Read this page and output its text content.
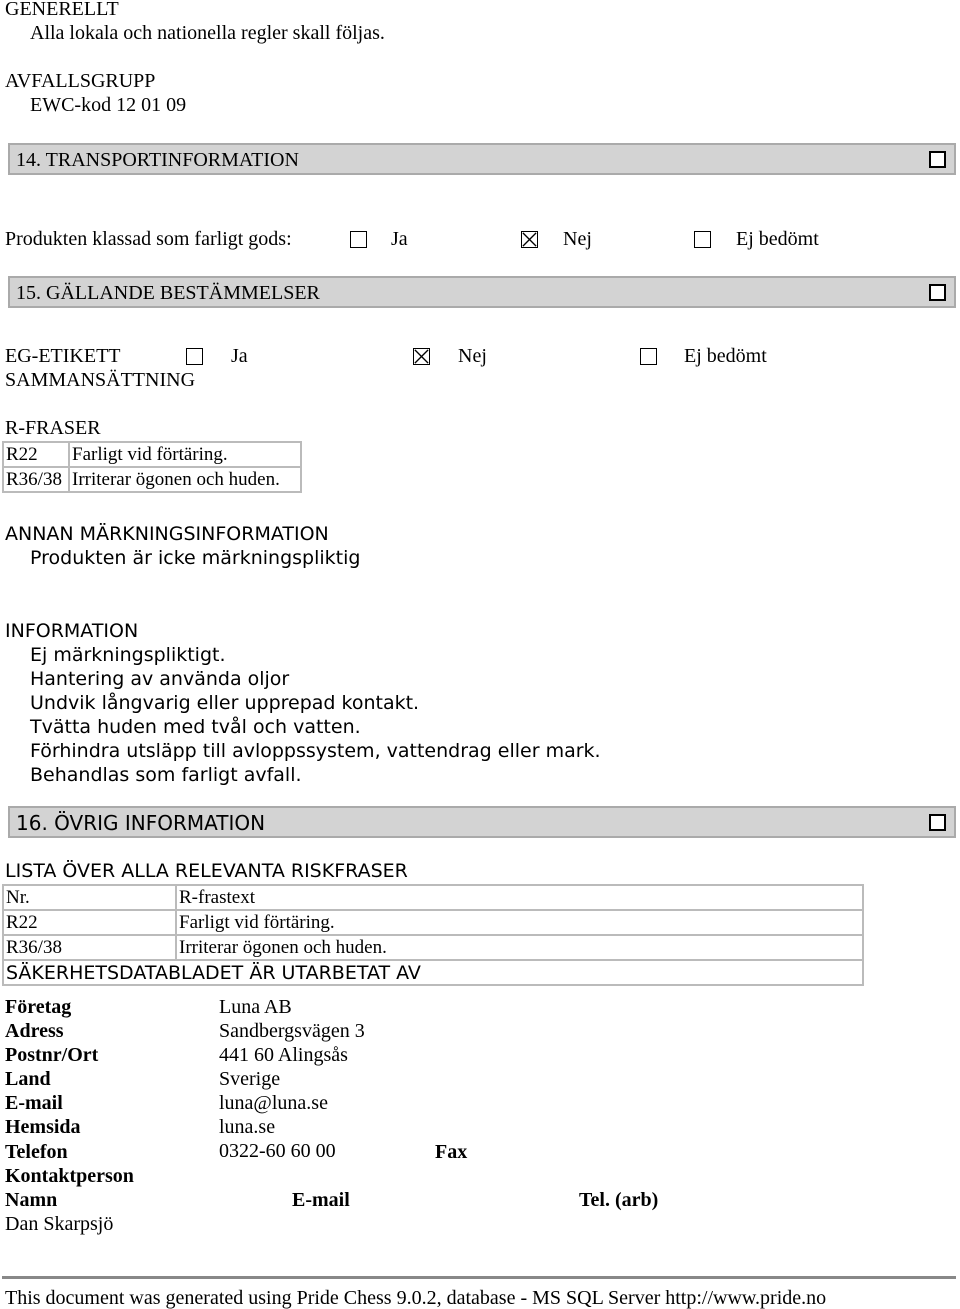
GENERELLT
Alla lokala och nationella regler skall följas.
AVFALLSGRUPP
EWC-kod 12 01 09
14. TRANSPORTINFORMATION
Produkten klassad som farligt gods:	Ja	Nej	Ej bedömt
15. GÄLLANDE BESTÄMMELSER
EG-ETIKETT	Ja	Nej	Ej bedömt
SAMMANSÄTTNING
R-FRASER
R22	Farligt vid förtäring.
R36/38	Irriterar ögonen och huden.
ANNAN MÄRKNINGSINFORMATION
Produkten är icke märkningspliktig
INFORMATION
Ej märkningspliktigt.
Hantering av använda oljor
Undvik långvarig eller upprepad kontakt.
Tvätta huden med tvål och vatten.
Förhindra utsläpp till avloppssystem, vattendrag eller mark.
Behandlas som farligt avfall.
16. ÖVRIG INFORMATION
LISTA ÖVER ALLA RELEVANTA RISKFRASER
Nr.	R-frastext
R22	Farligt vid förtäring.
R36/38	Irriterar ögonen och huden.
SÄKERHETSDATABLADET ÄR UTARBETAT AV	
Företag	Luna AB
Adress	Sandbergsvägen 3
Postnr/Ort	441 60 Alingsås
Land	Sverige
E-mail	luna@luna.se
Hemsida	luna.se
Telefon	0322-60 60 00	Fax
Kontaktperson
Namn	E-mail	Tel. (arb)
Dan Skarpsjö
This document was generated using Pride Chess 9.0.2, database - MS SQL Server http://www.pride.no
